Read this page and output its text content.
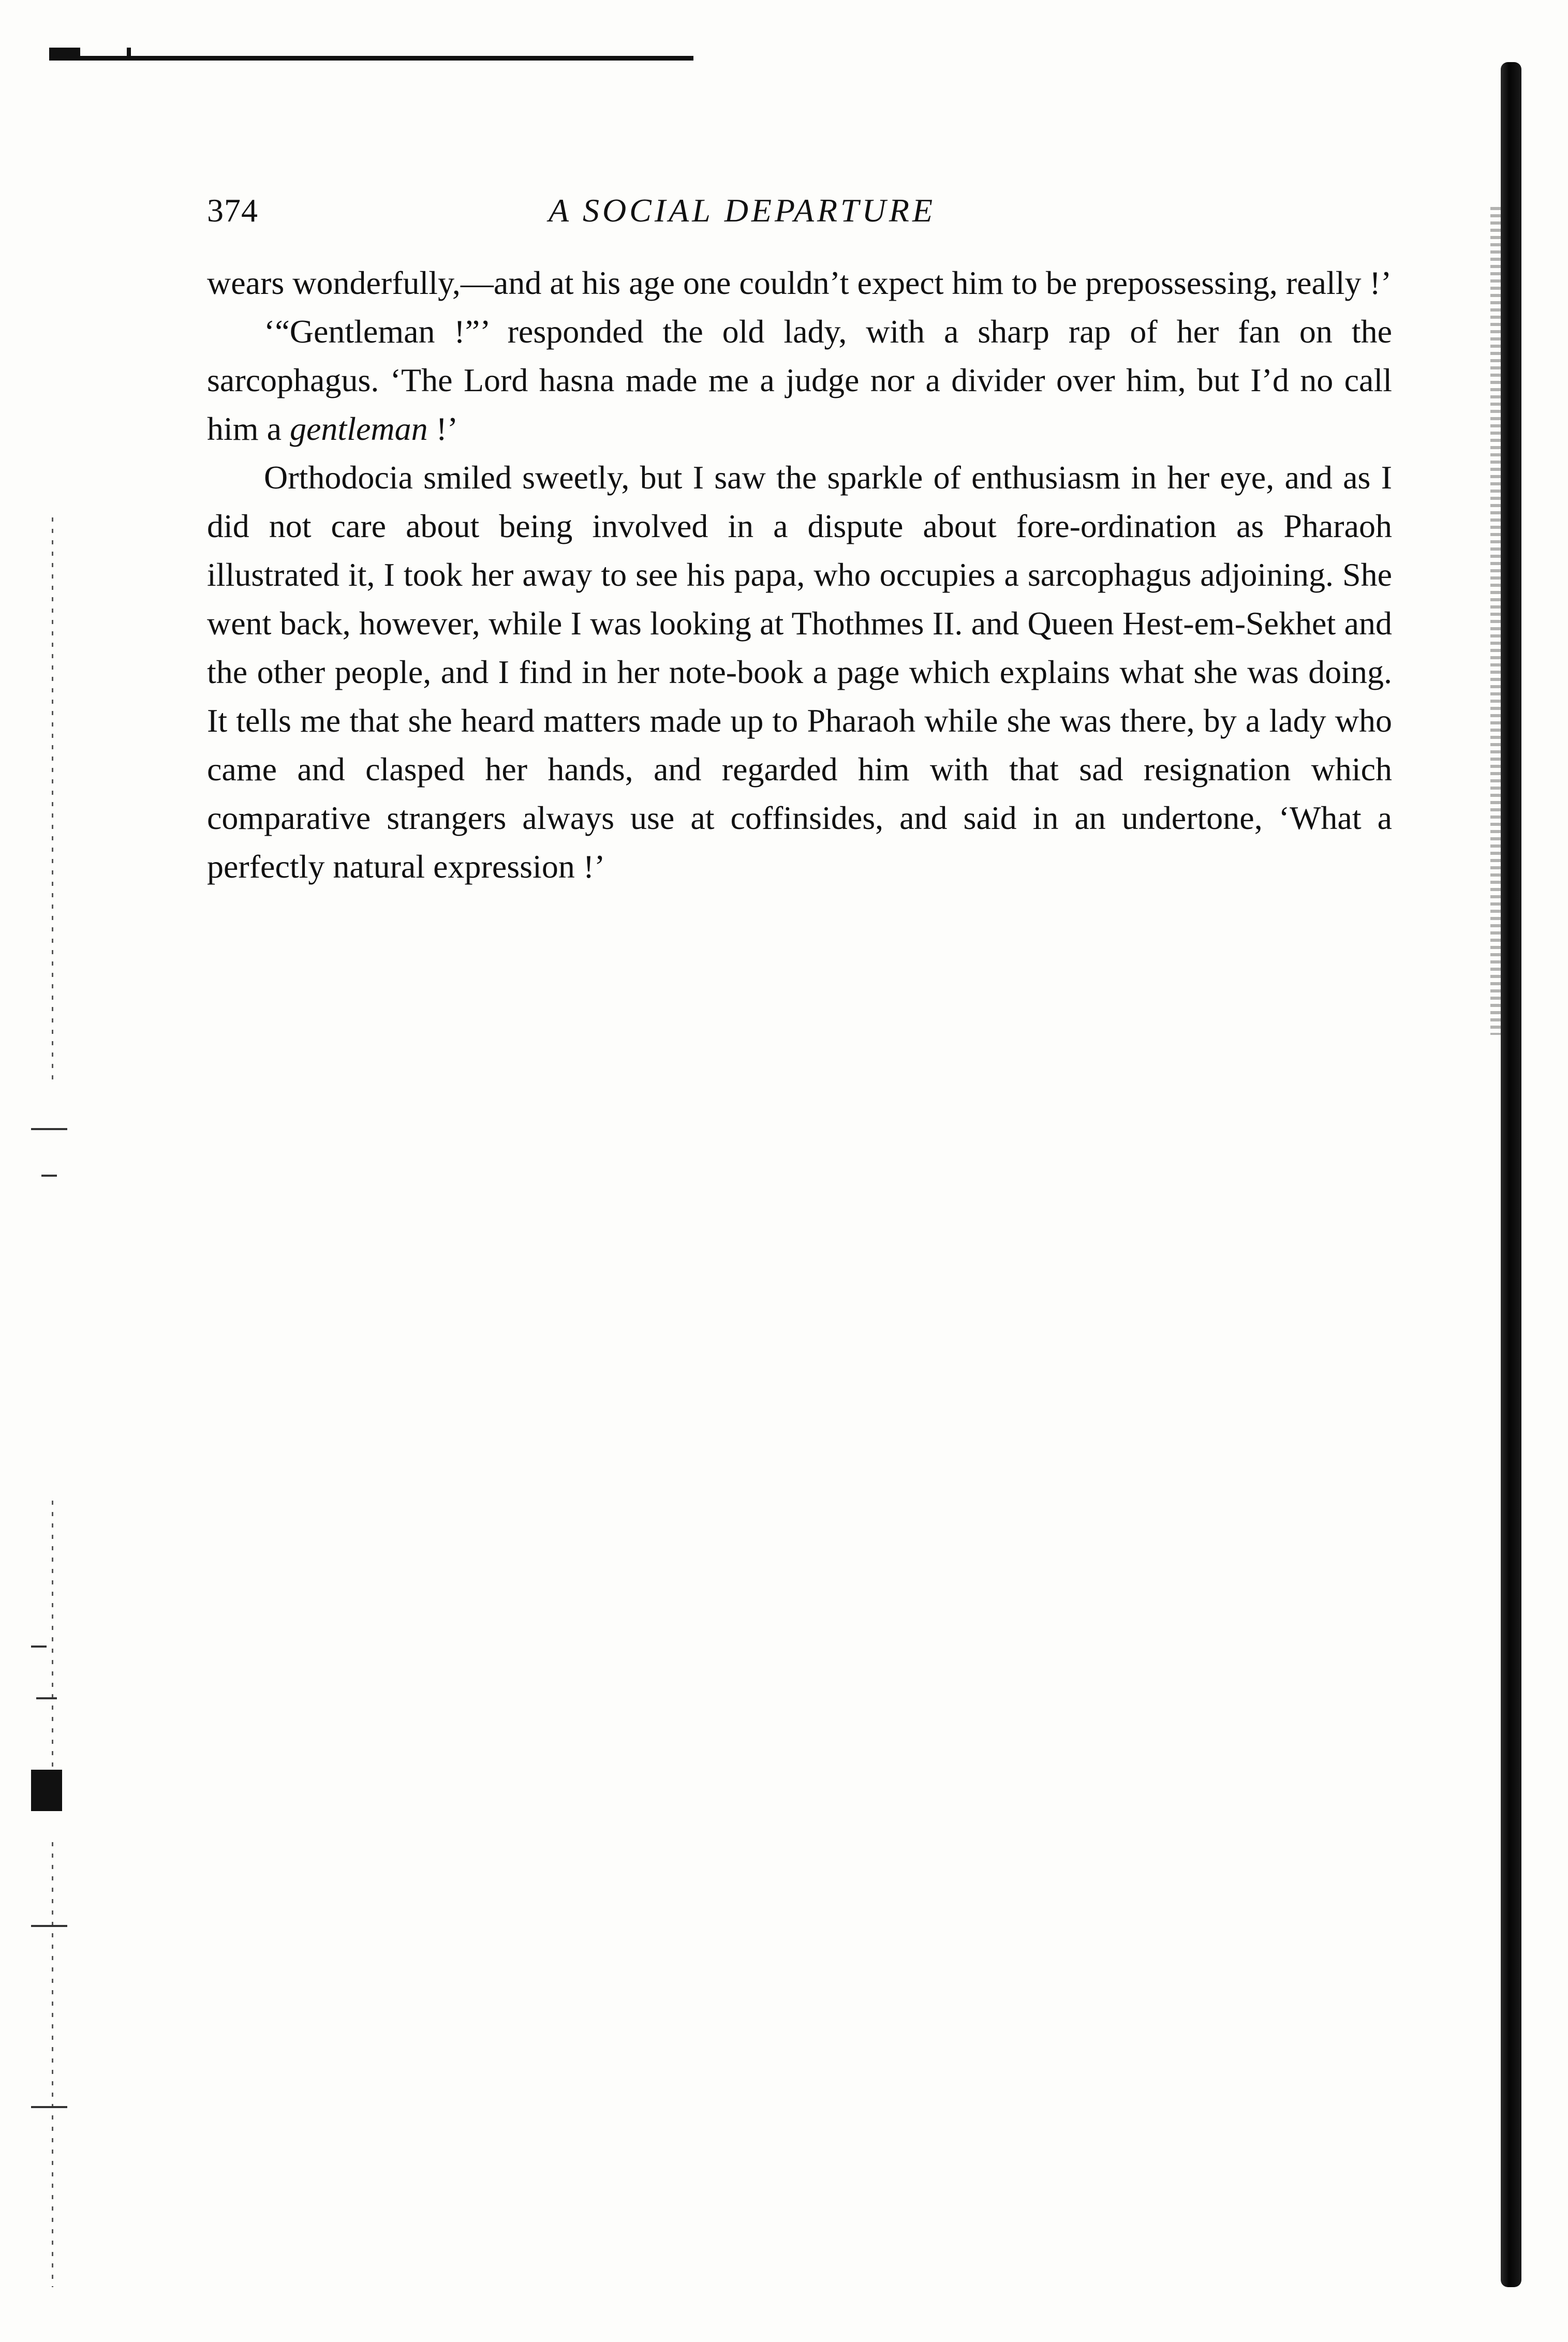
374	A SOCIAL DEPARTURE

wears wonderfully,—and at his age one couldn’t expect him to be prepossessing, really !’

‘“Gentleman !”’ responded the old lady, with a sharp rap of her fan on the sarcophagus. ‘The Lord hasna made me a judge nor a divider over him, but I’d no call him a gentleman !’

Orthodocia smiled sweetly, but I saw the sparkle of enthusiasm in her eye, and as I did not care about being involved in a dispute about fore-ordination as Pharaoh illustrated it, I took her away to see his papa, who occupies a sarcophagus adjoining. She went back, however, while I was looking at Thothmes II. and Queen Hest-em-Sekhet and the other people, and I find in her note-book a page which explains what she was doing. It tells me that she heard matters made up to Pharaoh while she was there, by a lady who came and clasped her hands, and regarded him with that sad resignation which comparative strangers always use at coffinsides, and said in an undertone, ‘What a perfectly natural expression !’
